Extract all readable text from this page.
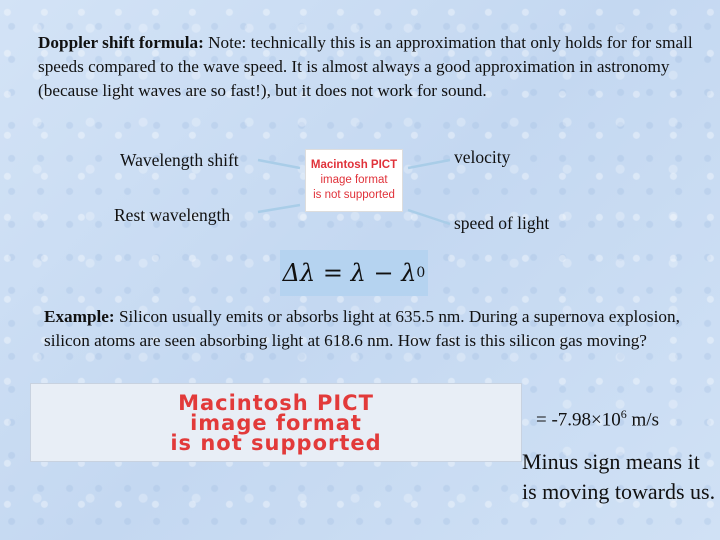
Doppler shift formula: Note: technically this is an approximation that only holds for for small speeds compared to the wave speed. It is almost always a good approximation in astronomy (because light waves are so fast!), but it does not work for sound.
Wavelength shift
Rest wavelength
velocity
speed of light
Macintosh PICT
image format
is not supported
Δλ
=
λ
−
λ 0
Example: Silicon usually emits or absorbs light at 635.5 nm. During a supernova explosion, silicon atoms are seen absorbing light at 618.6 nm. How fast is this silicon gas moving?
Macintosh PICT
image format
is not supported
= $-7.98\times 10^6$ m/s
Minus sign means it is moving towards us.
